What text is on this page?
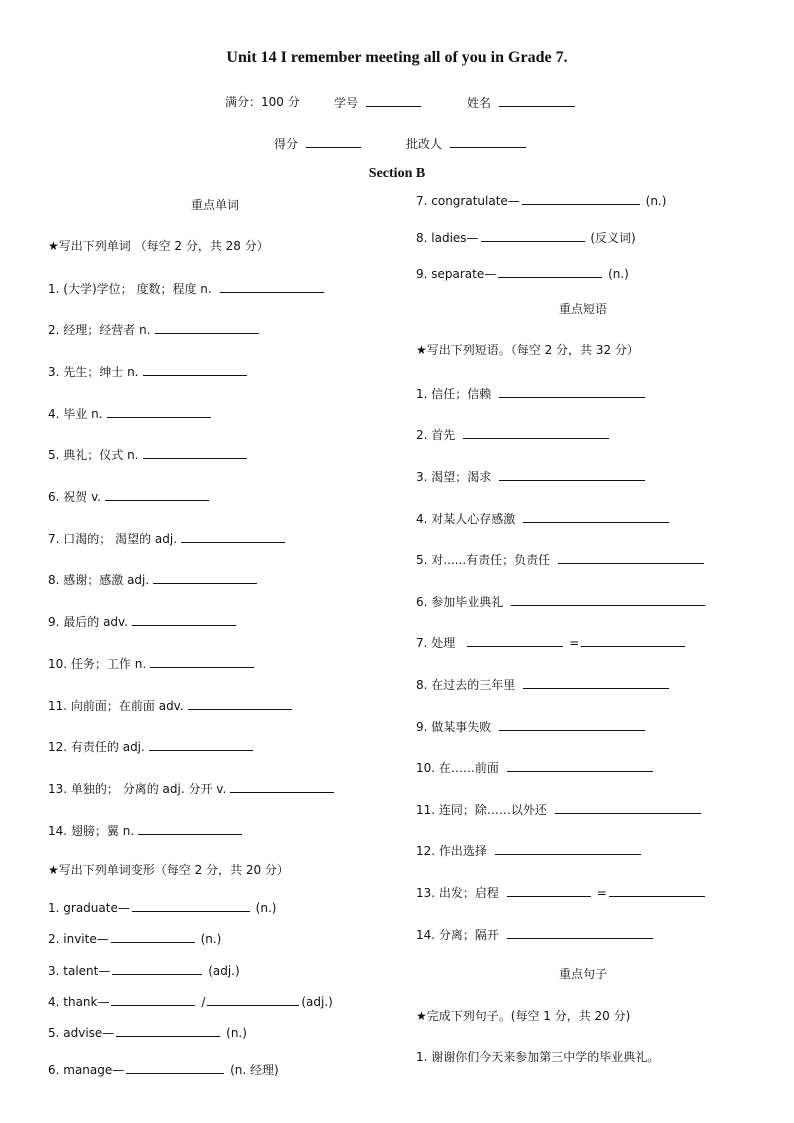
Unit 14 I remember meeting all of you in Grade 7.
满分：100 分	学号	姓名
得分	批改人
Section B
重点单词
★写出下列单词 （每空 2 分，共 28 分）
1. (大学)学位； 度数；程度 n.
2. 经理；经营者 n.
3. 先生；绅士 n.
4. 毕业 n.
5. 典礼；仪式 n.
6. 祝贺 v.
7. 口渴的； 渴望的 adj.
8. 感谢；感激 adj.
9. 最后的 adv.
10. 任务；工作 n.
11. 向前面；在前面 adv.
12. 有责任的 adj.
13. 单独的； 分离的 adj. 分开 v.
14. 翅膀；翼 n.
★写出下列单词变形（每空 2 分，共 20 分）
1. graduate—	(n.)
2. invite—	(n.)
3. talent—	(adj.)
4. thank—	/	(adj.)
5. advise—	(n.)
6. manage—	(n. 经理)
7. congratulate—	(n.)
8. ladies—	(反义词)
9. separate—	(n.)
重点短语
★写出下列短语。（每空 2 分，共 32 分）
1. 信任；信赖
2. 首先
3. 渴望；渴求
4. 对某人心存感激
5. 对......有责任；负责任
6. 参加毕业典礼
7. 处理	=
8. 在过去的三年里
9. 做某事失败
10. 在……前面
11. 连同；除……以外还
12. 作出选择
13. 出发；启程	=
14. 分离；隔开
重点句子
★完成下列句子。(每空 1 分，共 20 分)
1. 谢谢你们今天来参加第三中学的毕业典礼。
